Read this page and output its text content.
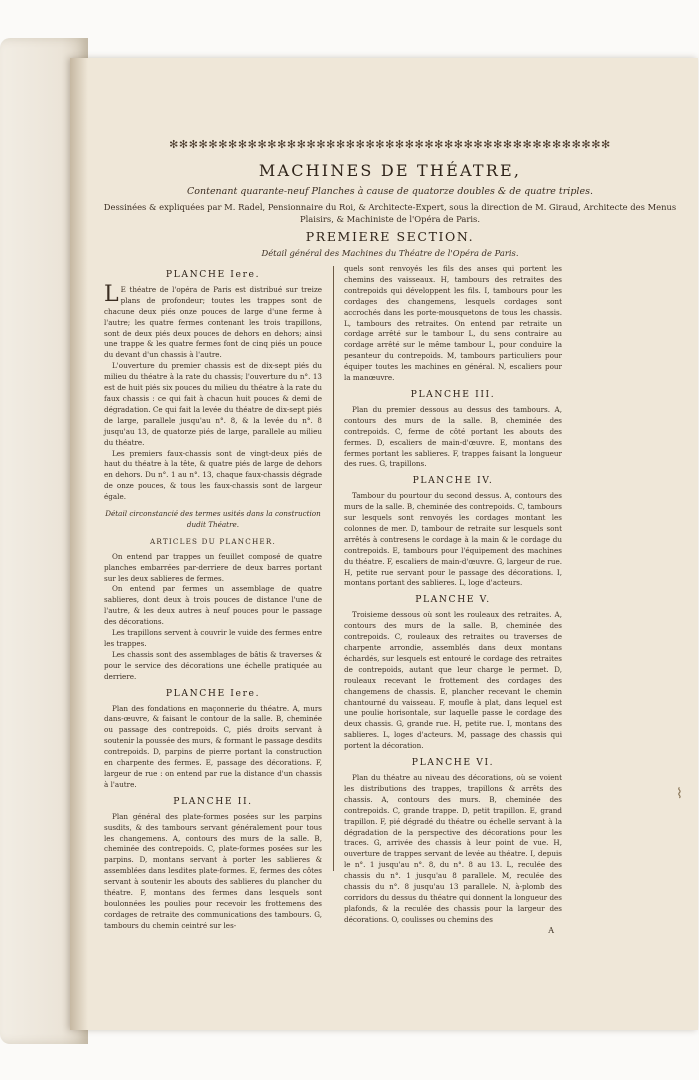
✻✻✻✻✻✻✻✻✻✻✻✻✻✻✻✻✻✻✻✻✻✻✻✻✻✻✻✻✻✻✻✻✻✻✻✻✻✻✻✻✻✻✻✻✻
MACHINES DE THÉATRE,
Contenant quarante-neuf Planches à cause de quatorze doubles & de quatre triples.
Dessinées & expliquées par M. Radel, Pensionnaire du Roi, & Architecte-Expert, sous la direction de M. Giraud, Architecte des Menus Plaisirs, & Machiniste de l'Opéra de Paris.
PREMIERE SECTION.
Détail général des Machines du Théatre de l'Opéra de Paris.
PLANCHE Iere.

L E théatre de l'opéra de Paris est distribué sur treize plans de profondeur; toutes les trappes sont de chacune deux piés onze pouces de large d'une ferme à l'autre; les quatre fermes contenant les trois trapillons, sont de deux piés deux pouces de dehors en dehors; ainsi une trappe & les quatre fermes font de cinq piés un pouce du devant d'un chassis à l'autre.

L'ouverture du premier chassis est de dix-sept piés du milieu du théatre à la rate du chassis; l'ouverture du n°. 13 est de huit piés six pouces du milieu du théatre à la rate du faux chassis : ce qui fait à chacun huit pouces & demi de dégradation. Ce qui fait la levée du théatre de dix-sept piés de large, parallele jusqu'au n°. 8, & la levée du n°. 8 jusqu'au 13, de quatorze piés de large, parallele au milieu du théatre.

Les premiers faux-chassis sont de vingt-deux piés de haut du théatre à la tête, & quatre piés de large de dehors en dehors. Du n°. 1 au n°. 13, chaque faux-chassis dégrade de onze pouces, & tous les faux-chassis sont de largeur égale.

Détail circonstancié des termes usités dans la construction dudit Théatre.
ARTICLES DU PLANCHER.

On entend par trappes un feuillet composé de quatre planches embarrées par-derriere de deux barres portant sur les deux sablieres de fermes.

On entend par fermes un assemblage de quatre sablieres, dont deux à trois pouces de distance l'une de l'autre, & les deux autres à neuf pouces pour le passage des décorations.

Les trapillons servent à couvrir le vuide des fermes entre les trappes.

Les chassis sont des assemblages de bâtis & traverses & pour le service des décorations une échelle pratiquée au derriere.

PLANCHE Iere.

Plan des fondations en maçonnerie du théatre. A, murs dans-œuvre, & faisant le contour de la salle. B, cheminée ou passage des contrepoids. C, piés droits servant à soutenir la poussée des murs, & formant le passage desdits contrepoids. D, parpins de pierre portant la construction en charpente des fermes. E, passage des décorations. F, largeur de rue : on entend par rue la distance d'un chassis à l'autre.

PLANCHE II.

Plan général des plate-formes posées sur les parpins susdits, & des tambours servant généralement pour tous les changemens. A, contours des murs de la salle. B, cheminée des contrepoids. C, plate-formes posées sur les parpins. D, montans servant à porter les sablieres & assemblées dans lesdites plate-formes. E, fermes des côtes servant à soutenir les abouts des sablieres du plancher du théatre. F, montans des fermes dans lesquels sont boulonnées les poulies pour recevoir les frottemens des cordages de retraite des communications des tambours. G, tambours du chemin ceintré sur les-

quels sont renvoyés les fils des anses qui portent les chemins des vaisseaux. H, tambours des retraites des contrepoids qui développent les fils. I, tambours pour les cordages des changemens, lesquels cordages sont accrochés dans les porte-mousquetons de tous les chassis. L, tambours des retraites. On entend par retraite un cordage arrêté sur le tambour L, du sens contraire au cordage arrêté sur le même tambour L, pour conduire la pesanteur du contrepoids. M, tambours particuliers pour équiper toutes les machines en général. N, escaliers pour la manœuvre.

PLANCHE III.

Plan du premier dessous au dessus des tambours. A, contours des murs de la salle. B, cheminée des contrepoids. C, ferme de côté portant les abouts des fermes. D, escaliers de main-d'œuvre. E, montans des fermes portant les sablieres. F, trappes faisant la longueur des rues. G, trapillons.

PLANCHE IV.

Tambour du pourtour du second dessus. A, contours des murs de la salle. B, cheminée des contrepoids. C, tambours sur lesquels sont renvoyés les cordages montant les colonnes de mer. D, tambour de retraite sur lesquels sont arrêtés à contresens le cordage à la main & le cordage du contrepoids. E, tambours pour l'équipement des machines du théatre. F, escaliers de main-d'œuvre. G, largeur de rue. H, petite rue servant pour le passage des décorations. I, montans portant des sablieres. L, loge d'acteurs.

PLANCHE V.

Troisieme dessous où sont les rouleaux des retraites. A, contours des murs de la salle. B, cheminée des contrepoids. C, rouleaux des retraites ou traverses de charpente arrondie, assemblés dans deux montans échardés, sur lesquels est entouré le cordage des retraites de contrepoids, autant que leur charge le permet. D, rouleaux recevant le frottement des cordages des changemens de chassis. E, plancher recevant le chemin chantourné du vaisseau. F, moufle à plat, dans lequel est une poulie horisontale, sur laquelle passe le cordage des deux chassis. G, grande rue. H, petite rue. I, montans des sablieres. L, loges d'acteurs. M, passage des chassis qui portent la décoration.

PLANCHE VI.

Plan du théatre au niveau des décorations, où se voient les distributions des trappes, trapillons & arrêts des chassis. A, contours des murs. B, cheminée des contrepoids. C, grande trappe. D, petit trapillon. E, grand trapillon. F, pié dégradé du théatre ou échelle servant à la dégradation de la perspective des décorations pour les traces. G, arrivée des chassis à leur point de vue. H, ouverture de trappes servant de levée au théatre. I, depuis le n°. 1 jusqu'au n°. 8, du n°. 8 au 13. L, reculée des chassis du n°. 1 jusqu'au 8 parallele. M, reculée des chassis du n°. 8 jusqu'au 13 parallele. N, à-plomb des corridors du dessus du théatre qui donnent la longueur des plafonds, & la reculée des chassis pour la largeur des décorations. O, coulisses ou chemins des

A
⌇
